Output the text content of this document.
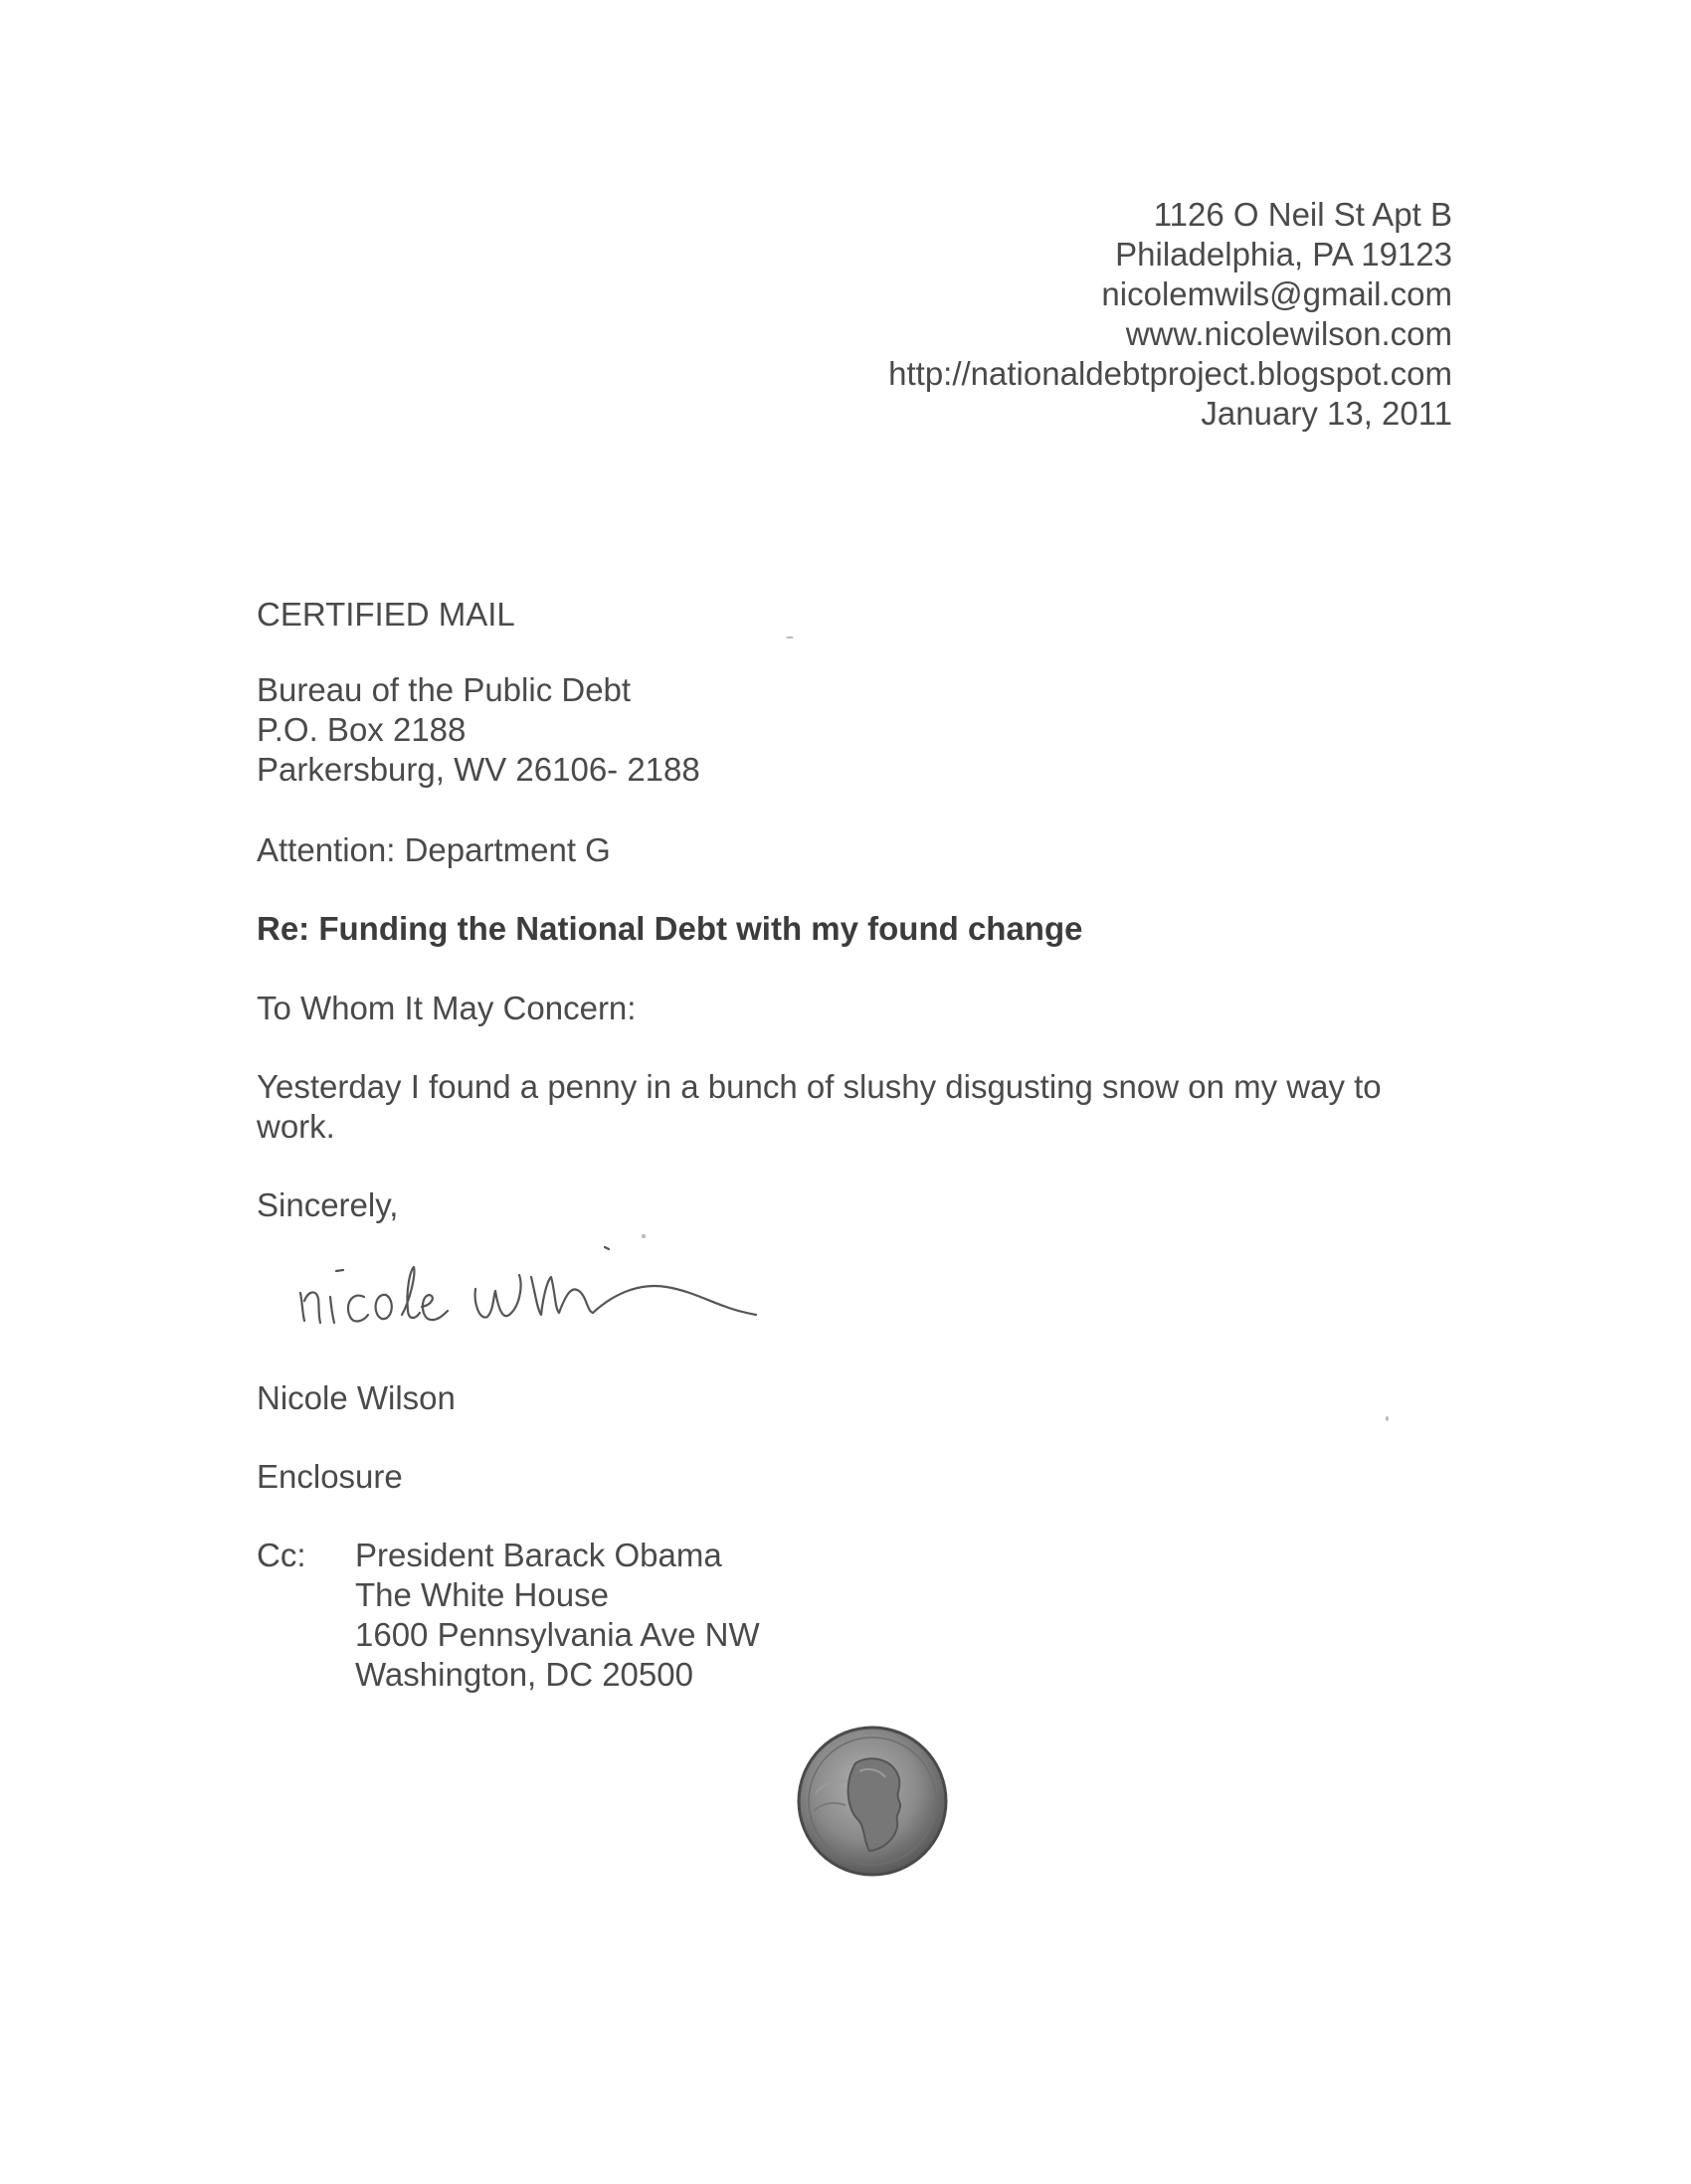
1126 O Neil St Apt B
Philadelphia, PA 19123
nicolemwils@gmail.com
www.nicolewilson.com
http://nationaldebtproject.blogspot.com
January 13, 2011
CERTIFIED MAIL
Bureau of the Public Debt
P.O. Box 2188
Parkersburg, WV 26106- 2188
Attention: Department G
Re: Funding the National Debt with my found change
To Whom It May Concern:
Yesterday I found a penny in a bunch of slushy disgusting snow on my way to work.
Sincerely,
Nicole Wilson
Enclosure
Cc: President Barack Obama
The White House
1600 Pennsylvania Ave NW
Washington, DC 20500
